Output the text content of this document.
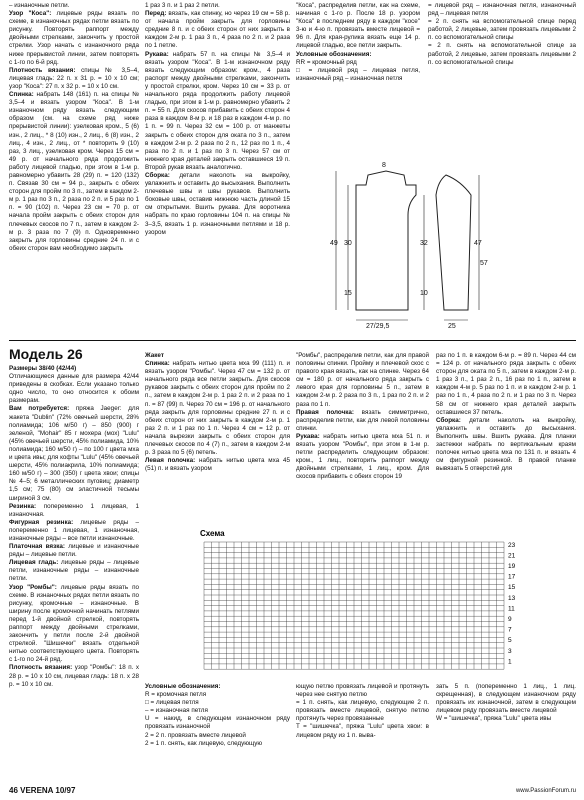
– изнаночные петли.

Узор "Коса": лицевые ряды вязать по схеме, в изнаночных рядах петли вязать по рисунку. Повторять раппорт между двойными стрелками, закончить у простой стрелки. Узор начать с изнаночного ряда ниже прерывистой линии, затем повторять с 1-го по 6-й ряд.

Плотность вязания: спицы № 3,5–4, лицевая гладь: 22 п. х 31 р. = 10 х 10 см; узор "Коса": 27 п. х 32 р. = 10 х 10 см.

Спинка: набрать 148 (161) п. на спицы № 3,5–4 и вязать узором "Коса". В 1-м изнаночном ряду вязать следующим образом (см. на схеме ряд ниже прерывистой линии): узелковая кром., 5 (6) изн., 2 лиц., * 8 (10) изн., 2 лиц., 6 (8) изн., 2 лиц., 4 изн., 2 лиц., от * повторить 9 (10) раз, 3 лиц., узелковая кром. Через 15 см = 49 р. от начального ряда продолжить работу лицевой гладью, при этом в 1-м р. равномерно убавить 28 (29) п. = 120 (132) п. Связав 30 см = 94 р., закрыть с обеих сторон для пройм по 3 п., затем в каждом 2-м р. 1 раз по 3 п., 2 раза по 2 п. и 5 раз по 1 п. = 90 (102) п. Через 23 см = 70 р. от начала пройм закрыть с обеих сторон для плечевых скосов по 7 п., затем в каждом 2-м р. 3 раза по 7 (9) п. Одновременно закрыть для горловины средние 24 п. и с обеих сторон вам необходимо закрыть

1 раз 3 п. и 1 раз 2 петли.

Перед: вязать, как спинку, но через 19 см = 58 р. от начала пройм закрыть для горловины средние 8 п. и с обеих сторон от них закрыть в каждом 2-м р. 1 раз 3 п., 4 раза по 2 п. и 2 раза по 1 петле.

Рукава: набрать 57 п. на спицы № 3,5–4 и вязать узором "Коса". В 1-м изнаночном ряду вязать следующим образом: кром., 4 раза распорт между двойными стрелками, закончить у простой стрелки, кром. Через 10 см = 33 р. от начального ряда продолжить работу лицевой гладью, при этом в 1-м р. равномерно убавить 2 п. = 55 п. Для скосов прибавить с обеих сторон 4 раза в каждом 8-м р. и 18 раз в каждом 4-м р. по 1 п. = 99 п. Через 32 см = 100 р. от манжеты закрыть с обеих сторон для оката по 3 п., затем в каждом 2-м р. 2 раза по 2 п., 12 раз по 1 п., 4 раза по 2 п. и 1 раз по 3 п. Через 57 см от нижнего края деталей закрыть оставшиеся 19 п. Второй рукав вязать аналогично.

Сборка: детали наколоть на выкройку, увлажнить и оставить до высыхания. Выполнить плечевые швы и швы рукавов. Выполнить боковые швы, оставив нижнюю часть длиной 15 см открытыми. Вшить рукава. Для воротника набрать по краю горловины 104 п. на спицы № 3–3,5, вязать 1 р. изнаночными петлями и 18 р. узором

"Коса", распределив петли, как на схеме, начиная с 1-го р. После 18 р. узором "Коса" в последнем ряду в каждом "косе" 3-ю и 4-ю п. провязать вместе лицевой = 96 п. Для края-рулика вязать еще 14 р. лицевой гладью, все петли закрыть.

Условные обозначения:

RR = кромочный ряд

□ = лицевой ряд – лицевая петля, изнаночный ряд – изнаночная петля

27/29,5
49 30
15
32	47
57
10
25
8

= лицевой ряд – изнаночная петля, изнаночный ряд – лицевая петля

= 2 п. снять на вспомогательной спице перед работой, 2 лицевые, затем провязать лицевыми 2 п. со вспомогательной спицы

= 2 п. снять на вспомогательной спице за работой, 2 лицевые, затем провязать лицевыми 2 п. со вспомогательной спицы

Модель 26

Размеры 38/40 (42/44)

Отличающиеся данные для размера 42/44 приведены в скобках. Если указано только одно число, то оно относится к обоим размерам.

Вам потребуется: пряжа Jaeger: для жакета "Dublin" (72% овечьей шерсти, 28% полиамида; 106 м/50 г) – 850 (900) г зеленой, "Mohair" 85 г мохера (мох) "Lulu" (45% овечьей шерсти, 45% полиамида, 10% полиамида; 160 м/50 г) – по 100 г цвета мха и цвета ивы; для кофты "Lulu" (45% овечьей шерсти, 45% полиакрила, 10% полиамида; 160 м/50 г) – 300 (350) г цвета хвои; спицы № 4–5; 6 металлических пуговиц; диаметр 1,5 см; 75 (80) см эластичной тесьмы шириной 3 см.

Резинка: попеременно 1 лицевая, 1 изнаночная.

Фигурная резинка: лицевые ряды – попеременно 1 лицевая, 1 изнаночная, изнаночные ряды – все петли изнаночные.

Платочная вязка: лицевые и изнаночные ряды – лицевые петли.

Лицевая гладь: лицевые ряды – лицевые петли, изнаночные ряды – изнаночные петли.

Узор "Ромбы": лицевые ряды вязать по схеме. В изнаночных рядах петли вязать по рисунку, кромочные – изнаночные. В ширину после кромочной начинать петлями перед 1-й двойной стрелкой, повторять раппорт между двойными стрелками, закончить у петли после 2-й двойной стрелкой. "Шишечки" вязать отдельной нитью соответствующего цвета. Повторять с 1-го по 24-й ряд.

Плотность вязания: узор "Ромбы": 18 п. х 28 р. = 10 х 10 см, лицевая гладь: 18 п. х 28 р. = 10 х 10 см.

Жакет

Спинка: набрать нитью цвета мха 99 (111) п. и вязать узором "Ромбы". Через 47 см = 132 р. от начального ряда все петли закрыть. Для скосов рукавов закрыть с обеих сторон для пройм по 2 п., затем в каждом 2-м р. 1 раз 2 п. и 2 раза по 1 п. = 87 (99) п. Через 70 см = 196 р. от начального ряда закрыть для горловины средние 27 п. и с обеих сторон от них закрыть в каждом 2-м р. 1 раз 2 п. и 1 раз по 1 п. Через 4 см = 12 р. от начала вырезки закрыть с обеих сторон для плечевых скосов по 4 (7) п., затем в каждом 2-м р. 3 раза по 5 (6) петель.

Левая полочка: набрать нитью цвета мха 45 (51) п. и вязать узором

"Ромбы", распределив петли, как для правой половины спинки. Пройму и плечевой скос с правого края вязать, как на спинке. Через 64 см = 180 р. от начального ряда закрыть с левого края для горловины 5 п., затем в каждом 2-м р. 2 раза по 3 п., 1 раз по 2 п. и 2 раза по 1 п.

Правая полочка: вязать симметрично, распределив петли, как для левой половины спинки.

Рукава: набрать нитью цвета мха 51 п. и вязать узором "Ромбы", при этом в 1-м р. петли распределить следующим образом: кром., 1 лиц., повторить раппорт между двойными стрелками, 1 лиц., кром. Для скосов прибавить с обеих сторон 19

раз по 1 п. в каждом 6-м р. = 89 п. Через 44 см = 124 р. от начального ряда закрыть с обеих сторон для оката по 5 п., затем в каждом 2-м р. 1 раз 3 п., 1 раз 2 п., 16 раз по 1 п., затем в каждом 4-м р. 5 раз по 1 п. и в каждом 2-м р. 1 раз по 1 п., 4 раза по 2 п. и 1 раз по 3 п. Через 58 см от нижнего края деталей закрыть оставшиеся 37 петель.

Сборка: детали наколоть на выкройку, увлажнить и оставить до высыхания. Выполнить швы. Вшить рукава. Для планки застежки набрать по вертикальным краям полочек нитью цвета мха по 131 п. и вязать 4 см фигурной резинкой. В правой планке вывязать 5 отверстий для

Схема
23
21
19
17
15
13
11
9
7
5
3
1

Условные обозначения:

R = кромочная петля

□ = лицевая петля

– = изнаночная петля

U = накид, в следующем изнаночном ряду провязать изнаночной

2 = 2 п. провязать вместе лицевой

2 = 1 п. снять, как лицевую, следующую

ющую петлю провязать лицевой и протянуть через нее снятую петлю

= 1 п. снять, как лицевую, следующие 2 п. провязать вместе лицевой, снятую петлю протянуть через провязанные

T = "шишечка", пряжа "Lulu" цвета хвои: в лицевом ряду из 1 п. выва-

зать 5 п. (попеременно 1 лиц., 1 лиц. скрещенная), в следующем изнаночном ряду провязать их изнаночной, затем в следующем лицевом ряду провязать вместе лицевой

W = "шишечка", пряжа "Lulu" цвета ивы

46 VERENA 10/97	www.PassionForum.ru
